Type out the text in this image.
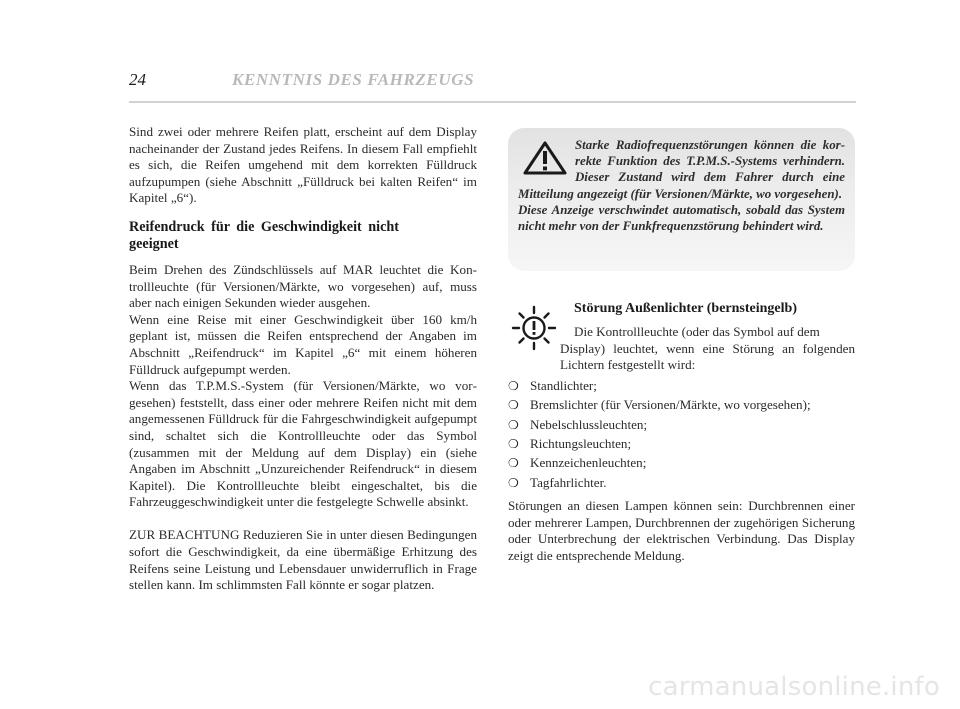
24	KENNTNIS DES FAHRZEUGS

Sind zwei oder mehrere Reifen platt, erscheint auf dem Display nacheinander der Zustand jedes Reifens. In diesem Fall empfiehlt es sich, die Reifen umgehend mit dem korrekten Fülldruck aufzupumpen (siehe Abschnitt „Fülldruck bei kalten Reifen“ im Kapitel „6“).

Reifendruck für die Geschwindigkeit nicht geeignet

Beim Drehen des Zündschlüssels auf MAR leuchtet die Kontrollleuchte (für Versionen/Märkte, wo vorgesehen) auf, muss aber nach einigen Sekunden wieder ausgehen.

Wenn eine Reise mit einer Geschwindigkeit über 160 km/h geplant ist, müssen die Reifen entsprechend der Angaben im Abschnitt „Reifendruck“ im Kapitel „6“ mit einem höheren Fülldruck aufgepumpt werden.

Wenn das T.P.M.S.-System (für Versionen/Märkte, wo vorgesehen) feststellt, dass einer oder mehrere Reifen nicht mit dem angemessenen Fülldruck für die Fahrgeschwindigkeit aufgepumpt sind, schaltet sich die Kontrollleuchte oder das Symbol (zusammen mit der Meldung auf dem Display) ein (siehe Angaben im Abschnitt „Unzureichender Reifendruck“ in diesem Kapitel). Die Kontrollleuchte bleibt eingeschaltet, bis die Fahrzeuggeschwindigkeit unter die festgelegte Schwelle absinkt.

ZUR BEACHTUNG Reduzieren Sie in unter diesen Bedingungen sofort die Geschwindigkeit, da eine übermäßige Erhitzung des Reifens seine Leistung und Lebensdauer unwiderruflich in Frage stellen kann. Im schlimmsten Fall könnte er sogar platzen.

Starke Radiofrequenzstörungen können die korrekte Funktion des T.P.M.S.-Systems verhindern. Dieser Zustand wird dem Fahrer durch eine Mitteilung angezeigt (für Versionen/Märkte, wo vorgesehen).

Diese Anzeige verschwindet automatisch, sobald das System nicht mehr von der Funkfrequenzstörung behindert wird.

Störung Außenlichter (bernsteingelb)

Die Kontrollleuchte (oder das Symbol auf dem
Display) leuchtet, wenn eine Störung an folgenden Lichtern festgestellt wird:

❍ Standlichter;
❍ Bremslichter (für Versionen/Märkte, wo vorgesehen);
❍ Nebelschlussleuchten;
❍ Richtungsleuchten;
❍ Kennzeichenleuchten;
❍ Tagfahrlichter.

Störungen an diesen Lampen können sein: Durchbrennen einer oder mehrerer Lampen, Durchbrennen der zugehörigen Sicherung oder Unterbrechung der elektrischen Verbindung. Das Display zeigt die entsprechende Meldung.

carmanualsonline.info
